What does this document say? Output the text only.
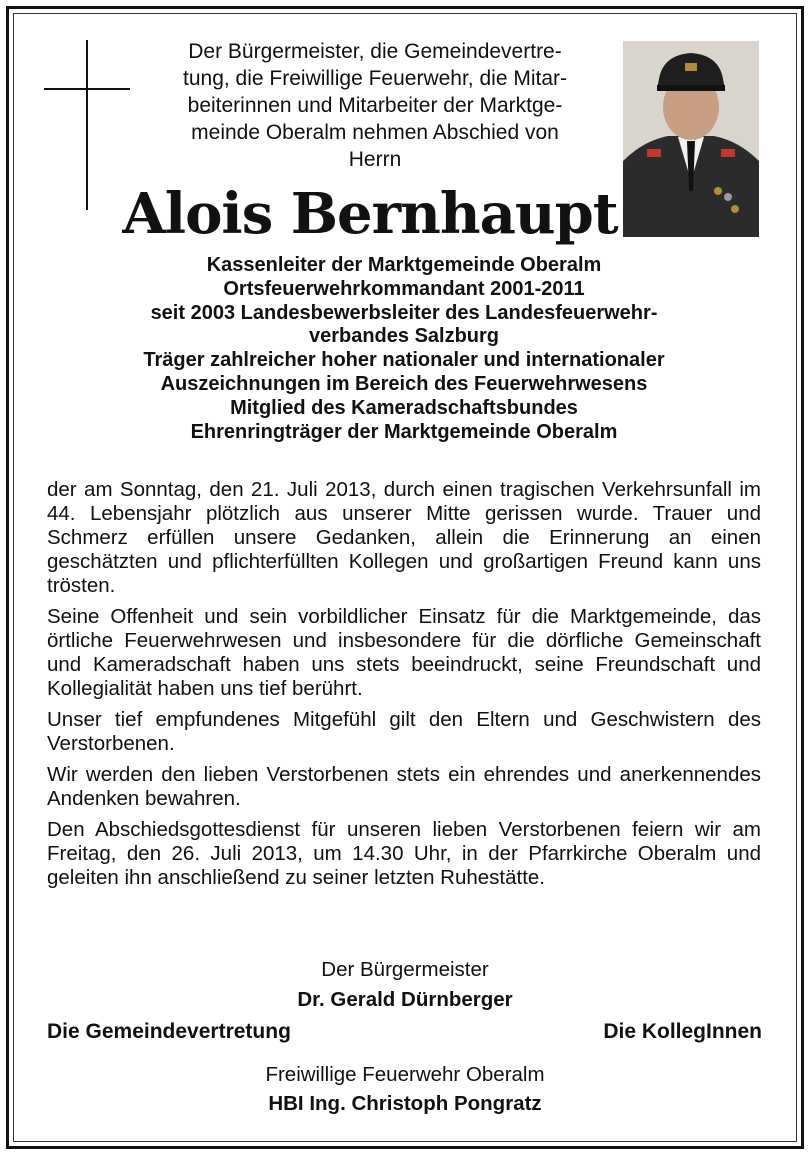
Der Bürgermeister, die Gemeindevertre-
tung, die Freiwillige Feuerwehr, die Mitar-
beiterinnen und Mitarbeiter der Marktge-
meinde Oberalm nehmen Abschied von
Herrn
Alois Bernhaupt
Kassenleiter der Marktgemeinde Oberalm
Ortsfeuerwehrkommandant 2001-2011
seit 2003 Landesbewerbsleiter des Landesfeuerwehr-
verbandes Salzburg
Träger zahlreicher hoher nationaler und internationaler
Auszeichnungen im Bereich des Feuerwehrwesens
Mitglied des Kameradschaftsbundes
Ehrenringträger der Marktgemeinde Oberalm

der am Sonntag, den 21. Juli 2013, durch einen tragischen Verkehrsunfall im 44. Lebensjahr plötzlich aus unserer Mitte gerissen wurde. Trauer und Schmerz erfüllen unsere Gedanken, allein die Erinnerung an einen geschätzten und pflichterfüllten Kollegen und großartigen Freund kann uns trösten.

Seine Offenheit und sein vorbildlicher Einsatz für die Marktgemeinde, das örtliche Feuerwehrwesen und insbesondere für die dörfliche Gemeinschaft und Kameradschaft haben uns stets beeindruckt, seine Freundschaft und Kollegialität haben uns tief berührt.

Unser tief empfundenes Mitgefühl gilt den Eltern und Geschwistern des Verstorbenen.

Wir werden den lieben Verstorbenen stets ein ehrendes und anerkennendes Andenken bewahren.

Den Abschiedsgottesdienst für unseren lieben Verstorbenen feiern wir am Freitag, den 26. Juli 2013, um 14.30 Uhr, in der Pfarrkirche Oberalm und geleiten ihn anschließend zu seiner letzten Ruhestätte.

Der Bürgermeister
Dr. Gerald Dürnberger
Die Gemeindevertretung	Die KollegInnen
Freiwillige Feuerwehr Oberalm
HBI Ing. Christoph Pongratz
